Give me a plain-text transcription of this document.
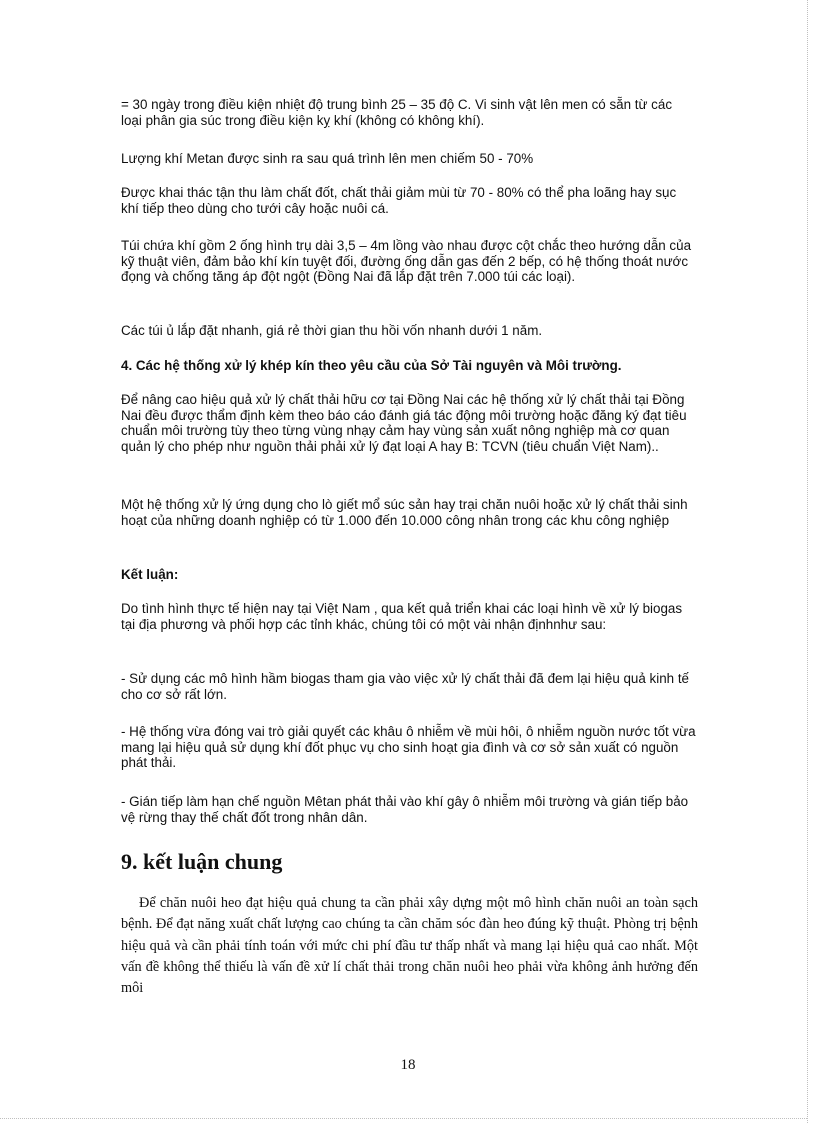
= 30 ngày trong điều kiện nhiệt độ trung bình 25 – 35 độ C. Vi sinh vật lên men có sẵn từ các loại phân gia súc trong điều kiện kỵ khí (không có không khí).

Lượng khí Metan được sinh ra sau quá trình lên men chiếm 50 - 70%

Được khai thác tận thu làm chất đốt, chất thải giảm mùi từ 70 - 80% có thể pha loãng hay sục khí tiếp theo dùng cho tưới cây hoặc nuôi cá.

Túi chứa khí gồm 2 ống hình trụ dài 3,5 – 4m lồng vào nhau được cột chắc theo hướng dẫn của kỹ thuật viên, đảm bảo khí kín tuyệt đối, đường ống dẫn gas đến 2 bếp, có hệ thống thoát nước đọng và chống tăng áp đột ngột (Đồng Nai đã lắp đặt trên 7.000 túi các loại).

Các túi ủ lắp đặt nhanh, giá rẻ thời gian thu hồi vốn nhanh dưới 1 năm.

4. Các hệ thống xử lý khép kín theo yêu cầu của Sở Tài nguyên và Môi trường.

Để nâng cao hiệu quả xử lý chất thải hữu cơ tại Đồng Nai các hệ thống xử lý chất thải tại Đồng Nai đều được thẩm định kèm theo báo cáo đánh giá tác động môi trường hoặc đăng ký đạt tiêu chuẩn môi trường tùy theo từng vùng nhạy cảm hay vùng sản xuất nông nghiệp mà cơ quan quản lý cho phép như nguồn thải phải xử lý đạt loại A hay B: TCVN (tiêu chuẩn Việt Nam)..

Một hệ thống xử lý ứng dụng cho lò giết mổ súc sản hay trại chăn nuôi hoặc xử lý chất thải sinh hoạt của những doanh nghiệp có từ 1.000 đến 10.000 công nhân trong các khu công nghiệp

Kết luận:

Do tình hình thực tế hiện nay tại Việt Nam , qua kết quả triển khai các loại hình về xử lý biogas tại địa phương và phối hợp các tỉnh khác, chúng tôi có một vài nhận địnhnhư sau:

- Sử dụng các mô hình hầm biogas tham gia vào việc xử lý chất thải đã đem lại hiệu quả kinh tế cho cơ sở rất lớn.

- Hệ thống vừa đóng vai trò giải quyết các khâu ô nhiễm về mùi hôi, ô nhiễm nguồn nước tốt vừa mang lại hiệu quả sử dụng khí đốt phục vụ cho sinh hoạt gia đình và cơ sở sản xuất có nguồn phát thải.

- Gián tiếp làm hạn chế nguồn Mêtan phát thải vào khí gây ô nhiễm môi trường và gián tiếp bảo vệ rừng thay thế chất đốt trong nhân dân.

9. kết luận chung

Để chăn nuôi heo đạt hiệu quả chung ta cần phải xây dựng một mô hình chăn nuôi an toàn sạch bệnh. Để đạt năng xuất chất lượng cao chúng ta cần chăm sóc đàn heo đúng kỹ thuật. Phòng trị bệnh hiệu quả và cần phải tính toán với mức chi phí đầu tư thấp nhất và mang lại hiệu quả cao nhất. Một vấn đề không thể thiếu là vấn đề xử lí chất thải trong chăn nuôi heo phải vừa không ảnh hưởng đến môi

18
